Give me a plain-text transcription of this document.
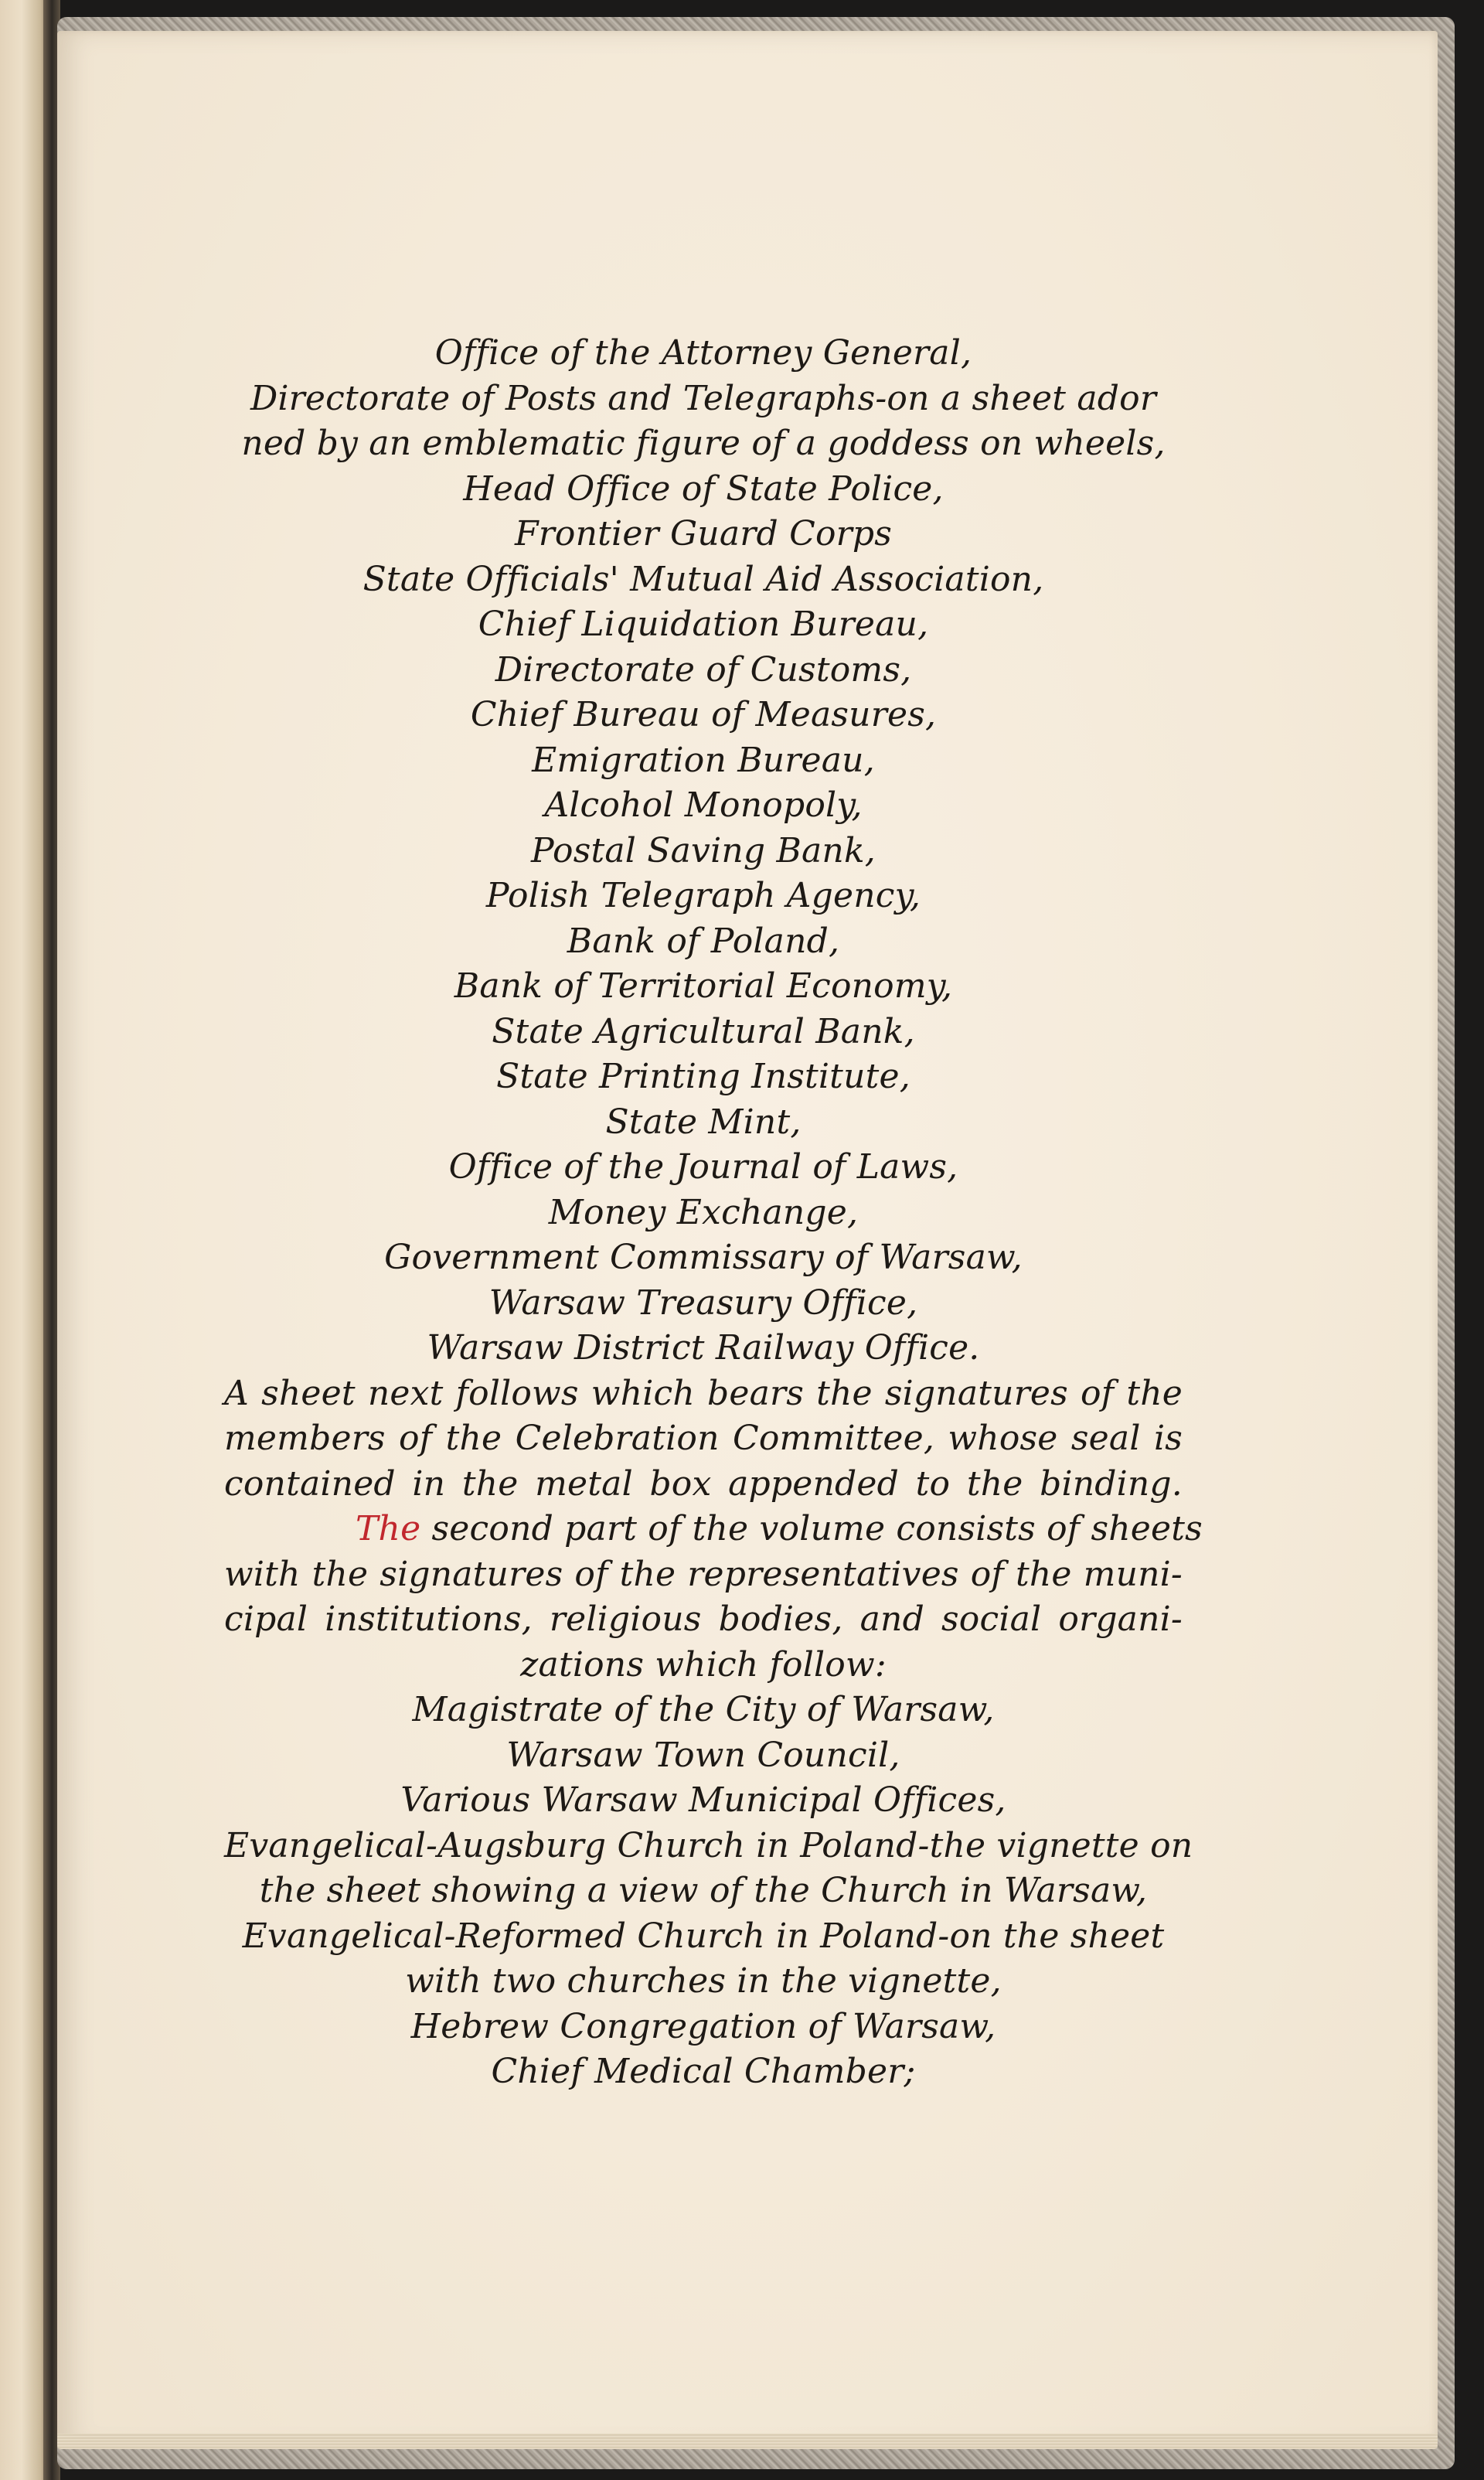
Office of the Attorney General,
Directorate of Posts and Telegraphs-on a sheet ador
ned by an emblematic figure of a goddess on wheels,
Head Office of State Police,
Frontier Guard Corps
State Officials' Mutual Aid Association,
Chief Liquidation Bureau,
Directorate of Customs,
Chief Bureau of Measures,
Emigration Bureau,
Alcohol Monopoly,
Postal Saving Bank,
Polish Telegraph Agency,
Bank of Poland,
Bank of Territorial Economy,
State Agricultural Bank,
State Printing Institute,
State Mint,
Office of the Journal of Laws,
Money Exchange,
Government Commissary of Warsaw,
Warsaw Treasury Office,
Warsaw District Railway Office.
A sheet next follows which bears the signatures of the
members of the Celebration Committee, whose seal is
contained in the metal box appended to the binding.
The second part of the volume consists of sheets
with the signatures of the representatives of the muni-
cipal institutions, religious bodies, and social organi-
zations which follow:
Magistrate of the City of Warsaw,
Warsaw Town Council,
Various Warsaw Municipal Offices,
Evangelical-Augsburg Church in Poland-the vignette on
the sheet showing a view of the Church in Warsaw,
Evangelical-Reformed Church in Poland-on the sheet
with two churches in the vignette,
Hebrew Congregation of Warsaw,
Chief Medical Chamber;
